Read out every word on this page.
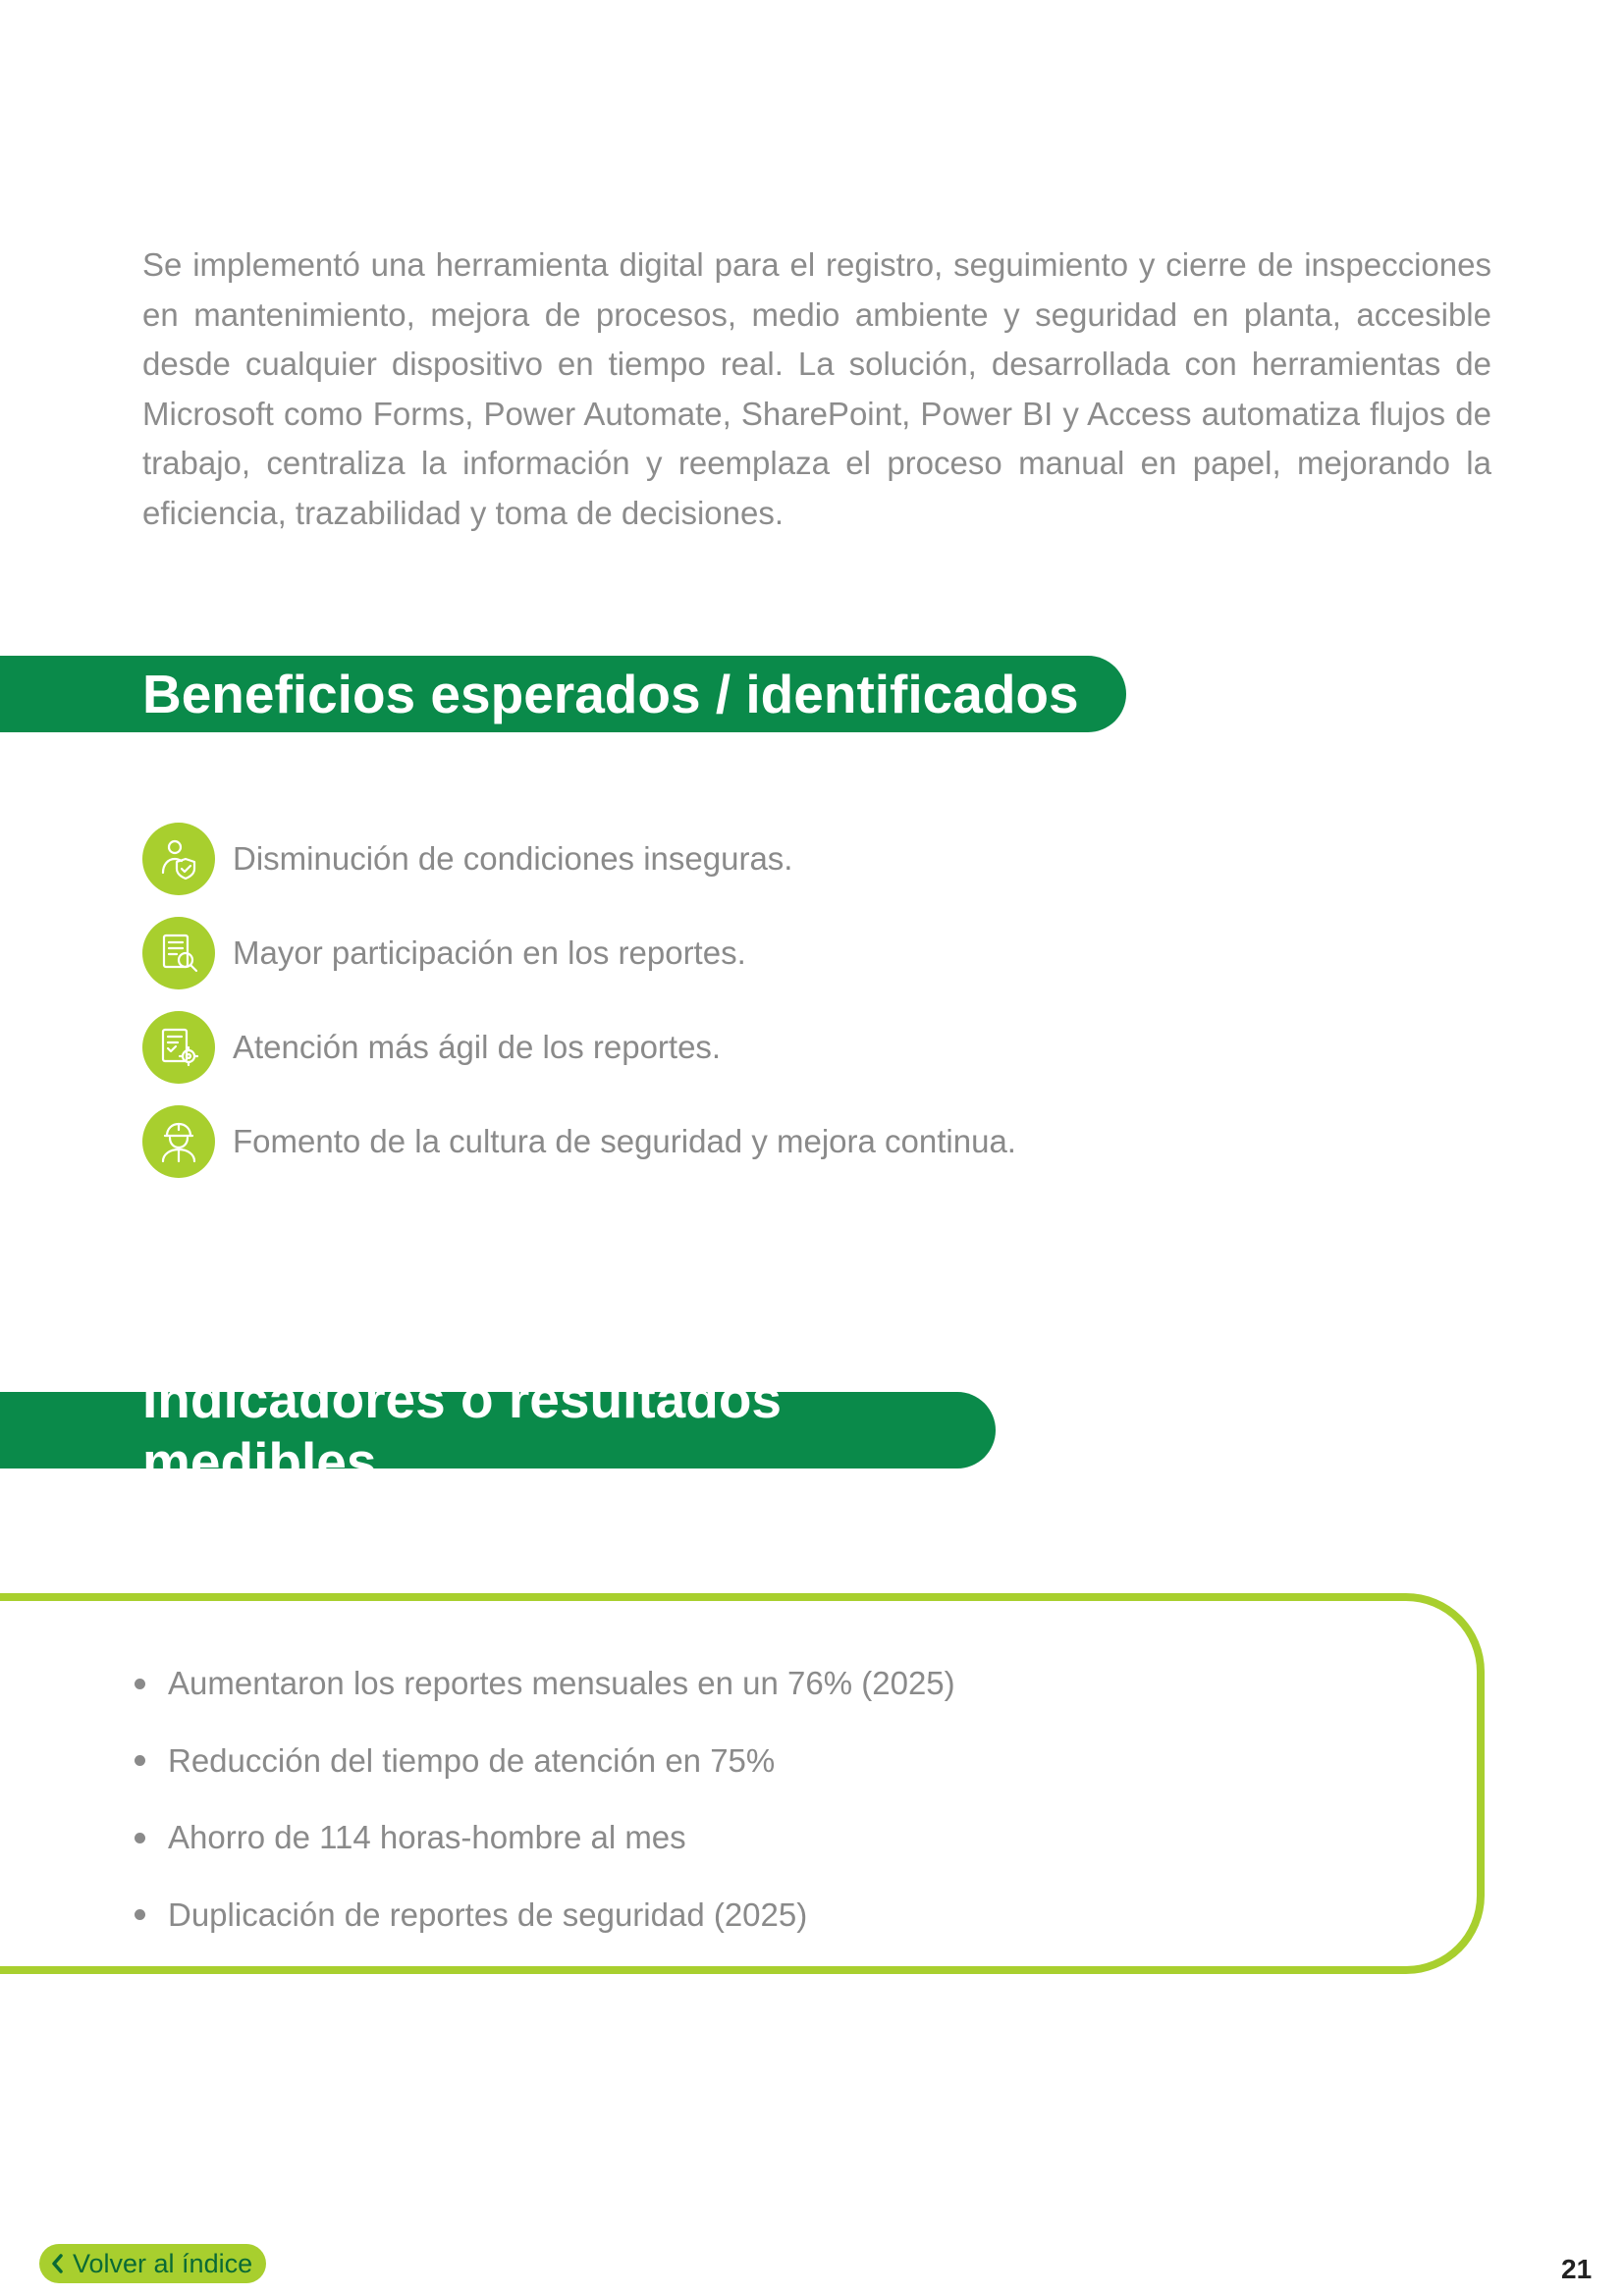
Se implementó una herramienta digital para el registro, seguimiento y cierre de inspecciones en mantenimiento, mejora de procesos, medio ambiente y seguridad en planta, accesible desde cualquier dispositivo en tiempo real. La solución, desarrollada con herramientas de Microsoft como Forms, Power Automate, SharePoint, Power BI y Access automatiza flujos de trabajo, centraliza la información y reemplaza el proceso manual en papel, mejorando la eficiencia, trazabilidad y toma de decisiones.

Beneficios esperados / identificados
Disminución de condiciones inseguras.
Mayor participación en los reportes.
Atención más ágil de los reportes.
Fomento de la cultura de seguridad y mejora continua.
Indicadores o resultados medibles
Aumentaron los reportes mensuales en un 76% (2025)
Reducción del tiempo de atención en 75%
Ahorro de 114 horas-hombre al mes
Duplicación de reportes de seguridad (2025)
Volver al índice	21
